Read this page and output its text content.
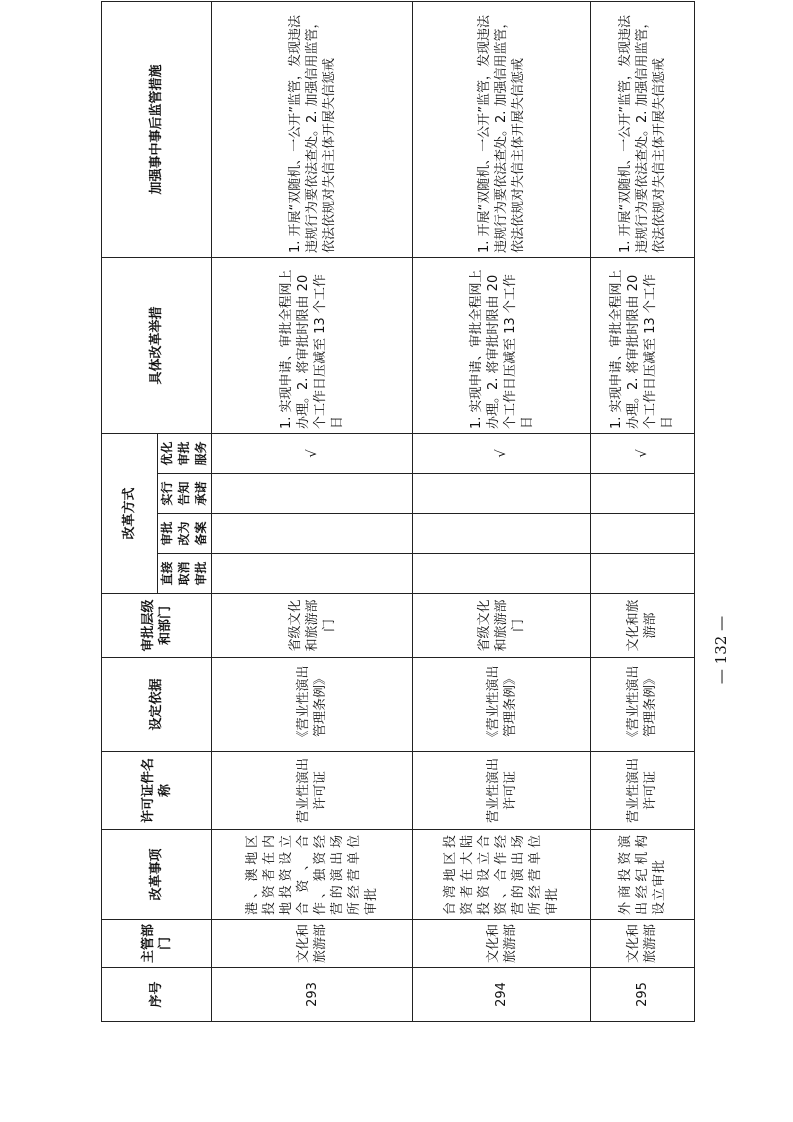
序号	主管部门	改革事项	许可证件名称	设定依据	审批层级和部门	改革方式				具体改革举措	加强事中事后监管措施
						直接取消审批	审批改为备案	实行告知承诺	优化审批服务		
293	文化和旅游部	港、澳地区投资者在内地投资设立合资、合作、独资经营的演出场所经营单位审批	营业性演出许可证	《营业性演出管理条例》	省级文化和旅游部门				√	1. 实现申请、审批全程网上办理。2. 将审批时限由 20 个工作日压减至 13 个工作日	1. 开展“双随机、一公开”监管，发现违法违规行为要依法查处。2. 加强信用监管，依法依规对失信主体开展失信惩戒
294	文化和旅游部	台湾地区投资者在大陆投资设立合资、合作经营的演出场所经营单位审批	营业性演出许可证	《营业性演出管理条例》	省级文化和旅游部门				√	1. 实现申请、审批全程网上办理。2. 将审批时限由 20 个工作日压减至 13 个工作日	1. 开展“双随机、一公开”监管，发现违法违规行为要依法查处。2. 加强信用监管，依法依规对失信主体开展失信惩戒
295	文化和旅游部	外商投资演出经纪机构设立审批	营业性演出许可证	《营业性演出管理条例》	文化和旅游部				√	1. 实现申请、审批全程网上办理。2. 将审批时限由 20 个工作日压减至 13 个工作日	1. 开展“双随机、一公开”监管，发现违法违规行为要依法查处。2. 加强信用监管，依法依规对失信主体开展失信惩戒
— 132 —
